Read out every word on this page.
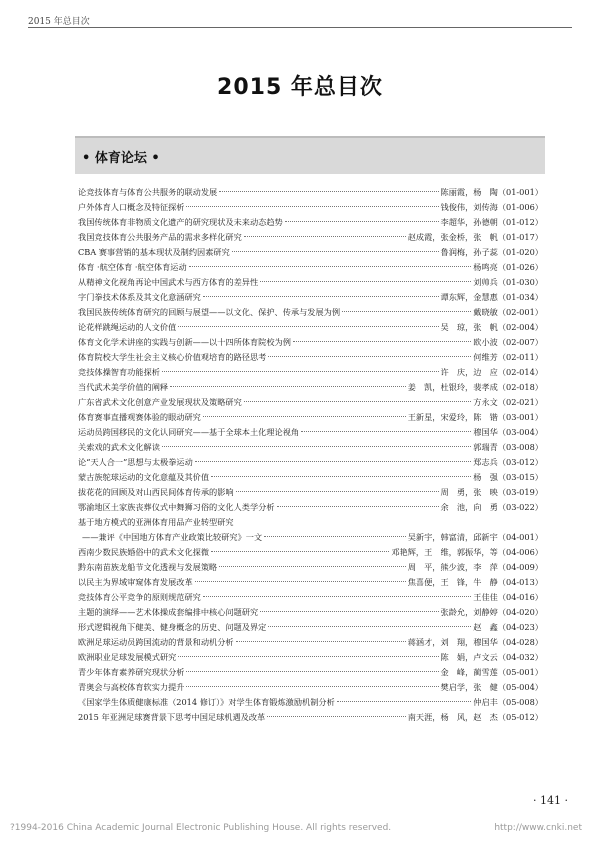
2015 年总目次
2015 年总目次
• 体育论坛 •
论竞技体育与体育公共服务的联动发展	陈丽霞，杨　陶（01-001）
户外体育人口概念及特征探析	钱俊伟，刘传海（01-006）
我国传统体育非物质文化遗产的研究现状及未来动态趋势	李超华，孙德朝（01-012）
我国竞技体育公共服务产品的需求多样化研究	赵成霞，张金桥，张　帆（01-017）
CBA 赛事营销的基本现状及制约因素研究	鲁润梅，孙子蕊（01-020）
体育 ·航空体育 ·航空体育运动	杨鸣亮（01-026）
从精神文化视角再论中国武术与西方体育的差异性	刘帅兵（01-030）
字门拳技术体系及其文化意涵研究	谭东辉，金慧惠（01-034）
我国民族传统体育研究的回顾与展望——以文化、保护、传承与发展为例	戴晓敏（02-001）
论花样跳绳运动的人文价值	吴　琼，张　帆（02-004）
体育文化学术讲座的实践与创新——以十四所体育院校为例	欧小波（02-007）
体育院校大学生社会主义核心价值观培育的路径思考	何维芳（02-011）
竞技体操智育功能探析	许　庆，边　应（02-014）
当代武术美学价值的阐释	姜　凯，杜银玲，裴孝成（02-018）
广东省武术文化创意产业发展现状及策略研究	方永文（02-021）
体育赛事直播观赛体验的眼动研究	王新星，宋爱玲，陈　锴（03-001）
运动员跨国移民的文化认同研究——基于全球本土化理论视角	穆国华（03-004）
关索戏的武术文化解读	郭瑞青（03-008）
论“天人合一”思想与太极拳运动	郑志兵（03-012）
蒙古族鸵球运动的文化意蕴及其价值	杨　强（03-015）
拔花花的回顾及对山西民间体育传承的影响	周　勇，张　映（03-019）
鄂渝地区土家族丧葬仪式中舞狮习俗的文化人类学分析	余　池，向　勇（03-022）
基于地方模式的亚洲体育用品产业转型研究
——兼评《中国地方体育产业政策比较研究》一文	吴新宇，韩富清，邱新宇（04-001）
西南少数民族婚俗中的武术文化探微	邓艳辉，王　维，郭振华，等（04-006）
黔东南苗族龙船节文化透视与发展策略	周　平，熊少波，李　萍（04-009）
以民主为界域审窥体育发展改革	焦喜便，王　锋，牛　静（04-013）
竞技体育公平竞争的原则规范研究	王佳佳（04-016）
主题的演绎——艺术体操成套编排中核心问题研究	张龄允，刘静婷（04-020）
形式逻辑视角下健美、健身概念的历史、问题及界定	赵　鑫（04-023）
欧洲足球运动员跨国流动的背景和动机分析	蒋涵才，刘　翔，穆国华（04-028）
欧洲职业足球发展模式研究	陈　娟，卢文云（04-032）
青少年体育素养研究现状分析	金　峰，蔺雪莲（05-001）
青奥会与高校体育软实力提升	樊启学，张　健（05-004）
《国家学生体质健康标准（2014 修订）》对学生体育锻炼激励机制分析	仲启丰（05-008）
2015 年亚洲足球赛背景下思考中国足球机遇及改革	南天涯，杨　风，赵　杰（05-012）
· 141 ·
?1994-2016 China Academic Journal Electronic Publishing House. All rights reserved.	http://www.cnki.net
